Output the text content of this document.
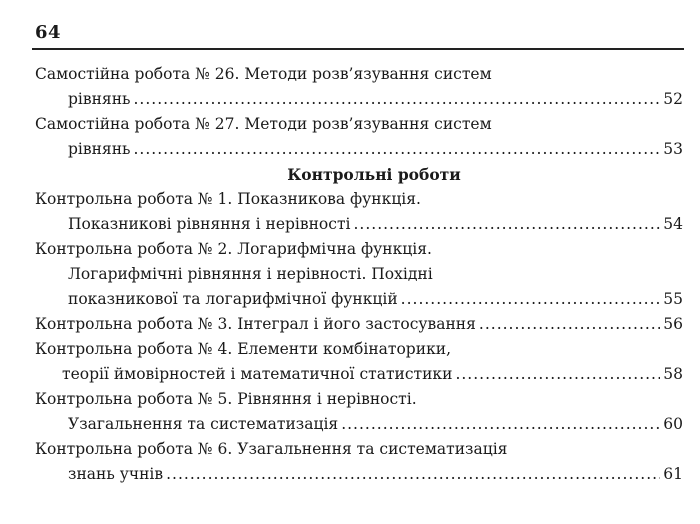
64
Самостійна робота № 26. Методи розв’язування систем
рівнянь .....	52
Самостійна робота № 27. Методи розв’язування систем
рівнянь .....	53
Контрольні роботи
Контрольна робота № 1. Показникова функція.
Показникові рівняння і нерівності .....	54
Контрольна робота № 2. Логарифмічна функція.
Логарифмічні рівняння і нерівності. Похідні
показникової та логарифмічної функцій .....	55
Контрольна робота № 3. Інтеграл і його застосування .....	56
Контрольна робота № 4. Елементи комбінаторики,
теорії ймовірностей і математичної статистики .....	58
Контрольна робота № 5. Рівняння і нерівності.
Узагальнення та систематизація .....	60
Контрольна робота № 6. Узагальнення та систематизація
знань учнів .....	61
